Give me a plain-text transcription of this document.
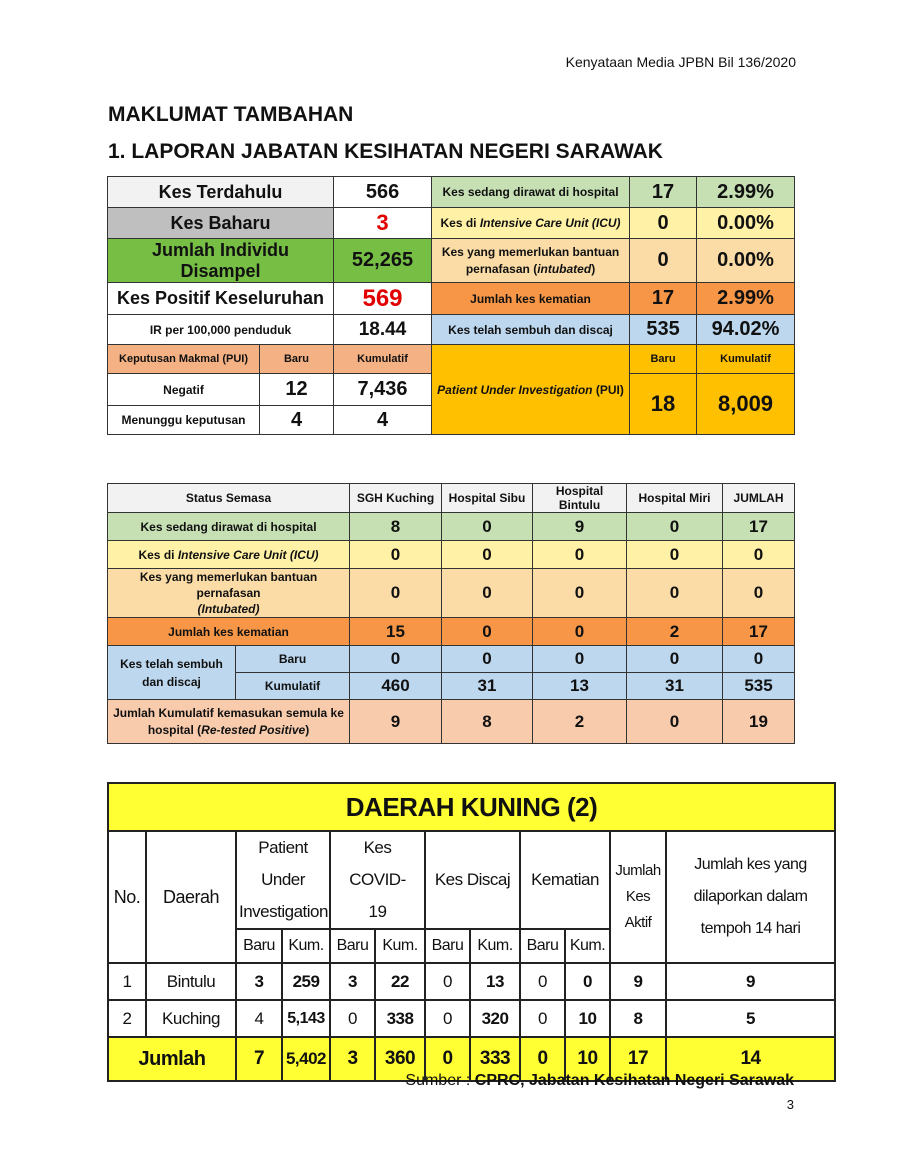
Kenyataan Media JPBN Bil 136/2020
MAKLUMAT TAMBAHAN
1. LAPORAN JABATAN KESIHATAN NEGERI SARAWAK
Kes Terdahulu		566	Kes sedang dirawat di hospital	17	2.99%
Kes Baharu		3	Kes di Intensive Care Unit (ICU)	0	0.00%
Jumlah Individu Disampel		52,265	Kes yang memerlukan bantuan pernafasan (intubated)	0	0.00%
Kes Positif Keseluruhan		569	Jumlah kes kematian	17	2.99%
IR per 100,000 penduduk		18.44	Kes telah sembuh dan discaj	535	94.02%
Keputusan Makmal (PUI)	Baru	Kumulatif	Patient Under Investigation (PUI)	Baru	Kumulatif
Negatif	12	7,436		18	8,009
Menunggu keputusan	4	4			
Status Semasa		SGH Kuching	Hospital Sibu	Hospital Bintulu	Hospital Miri	JUMLAH
Kes sedang dirawat di hospital		8	0	9	0	17
Kes di Intensive Care Unit (ICU)		0	0	0	0	0
Kes yang memerlukan bantuan pernafasan
(Intubated)		0	0	0	0	0
Jumlah kes kematian		15	0	0	2	17
Kes telah sembuh dan discaj	Baru	0	0	0	0	0
	Kumulatif	460	31	13	31	535
Jumlah Kumulatif kemasukan semula ke hospital (Re-tested Positive)		9	8	2	0	19
DAERAH KUNING (2)											
No.	Daerah	Patient Under Investigation		Kes COVID-19		Kes Discaj		Kematian		Jumlah Kes Aktif	Jumlah kes yang dilaporkan dalam tempoh 14 hari
		Baru	Kum.	Baru	Kum.	Baru	Kum.	Baru	Kum.		
1	Bintulu	3	259	3	22	0	13	0	0	9	9
2	Kuching	4	5,143	0	338	0	320	0	10	8	5
Jumlah		7	5,402	3	360	0	333	0	10	17	14
Sumber : CPRC, Jabatan Kesihatan Negeri Sarawak
3
